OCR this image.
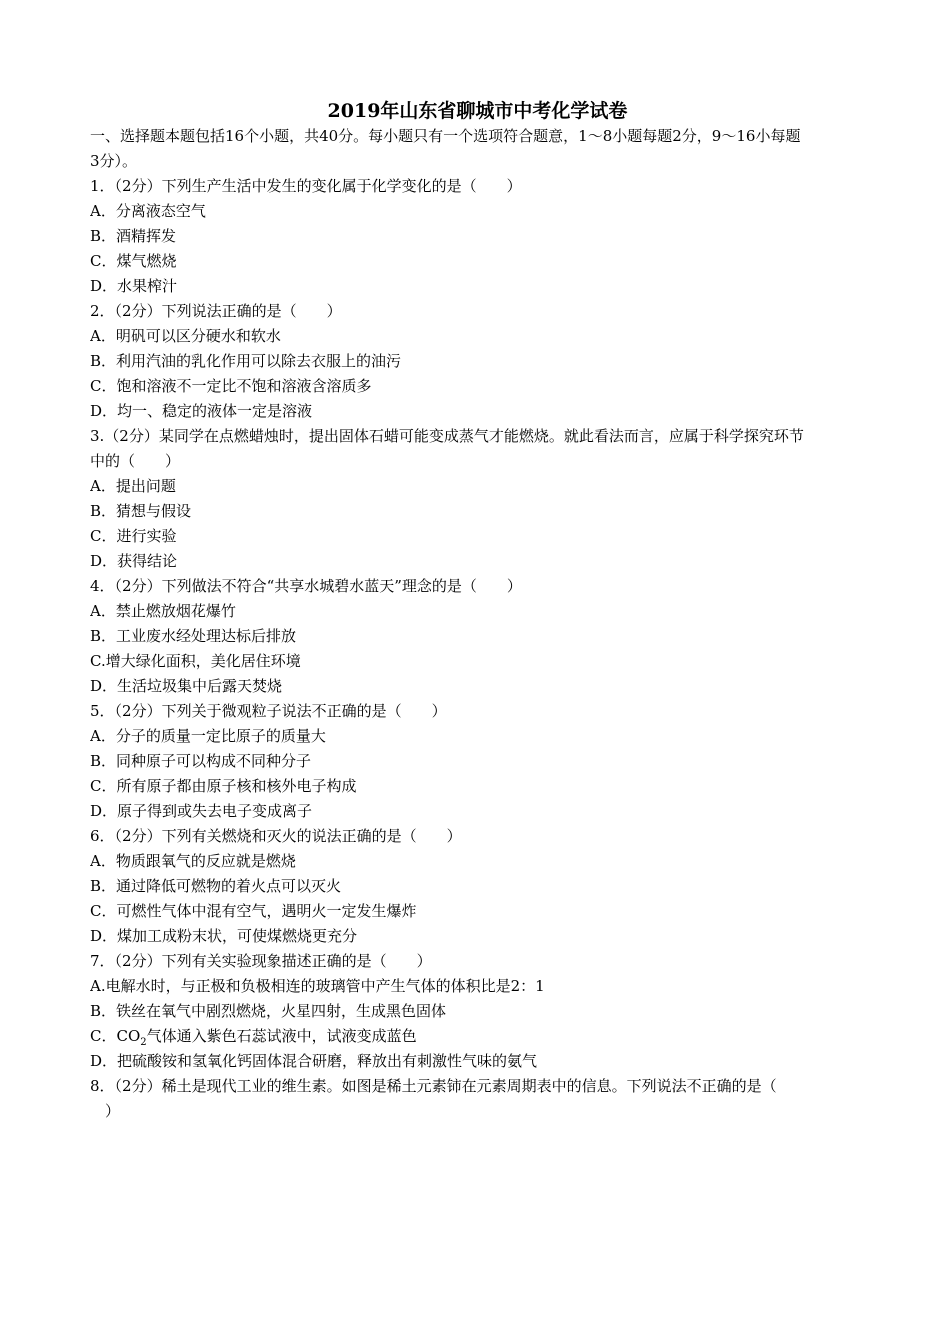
2019年山东省聊城市中考化学试卷
一、选择题本题包括16个小题，共40分。每小题只有一个选项符合题意，1～8小题每题2分，9～16小每题
3分）。
1．（2分）下列生产生活中发生的变化属于化学变化的是（　　）
A．分离液态空气
B．酒精挥发
C．煤气燃烧
D．水果榨汁
2．（2分）下列说法正确的是（　　）
A．明矾可以区分硬水和软水
B．利用汽油的乳化作用可以除去衣服上的油污
C．饱和溶液不一定比不饱和溶液含溶质多
D．均一、稳定的液体一定是溶液
3.（2分）某同学在点燃蜡烛时，提出固体石蜡可能变成蒸气才能燃烧。就此看法而言，应属于科学探究环节
中的（　　）
A．提出问题
B．猜想与假设
C．进行实验
D．获得结论
4．（2分）下列做法不符合“共享水城碧水蓝天”理念的是（　　）
A．禁止燃放烟花爆竹
B．工业废水经处理达标后排放
C.增大绿化面积，美化居住环境
D．生活垃圾集中后露天焚烧
5．（2分）下列关于微观粒子说法不正确的是（　　）
A．分子的质量一定比原子的质量大
B．同种原子可以构成不同种分子
C．所有原子都由原子核和核外电子构成
D．原子得到或失去电子变成离子
6．（2分）下列有关燃烧和灭火的说法正确的是（　　）
A．物质跟氧气的反应就是燃烧
B．通过降低可燃物的着火点可以灭火
C．可燃性气体中混有空气，遇明火一定发生爆炸
D．煤加工成粉末状，可使煤燃烧更充分
7．（2分）下列有关实验现象描述正确的是（　　）
A.电解水时，与正极和负极相连的玻璃管中产生气体的体积比是2：1
B．铁丝在氧气中剧烈燃烧，火星四射，生成黑色固体
C．$CO_2$气体通入紫色石蕊试液中，试液变成蓝色
D．把硫酸铵和氢氧化钙固体混合研磨，释放出有刺激性气味的氨气
8．（2分）稀土是现代工业的维生素。如图是稀土元素铈在元素周期表中的信息。下列说法不正确的是（
　）
